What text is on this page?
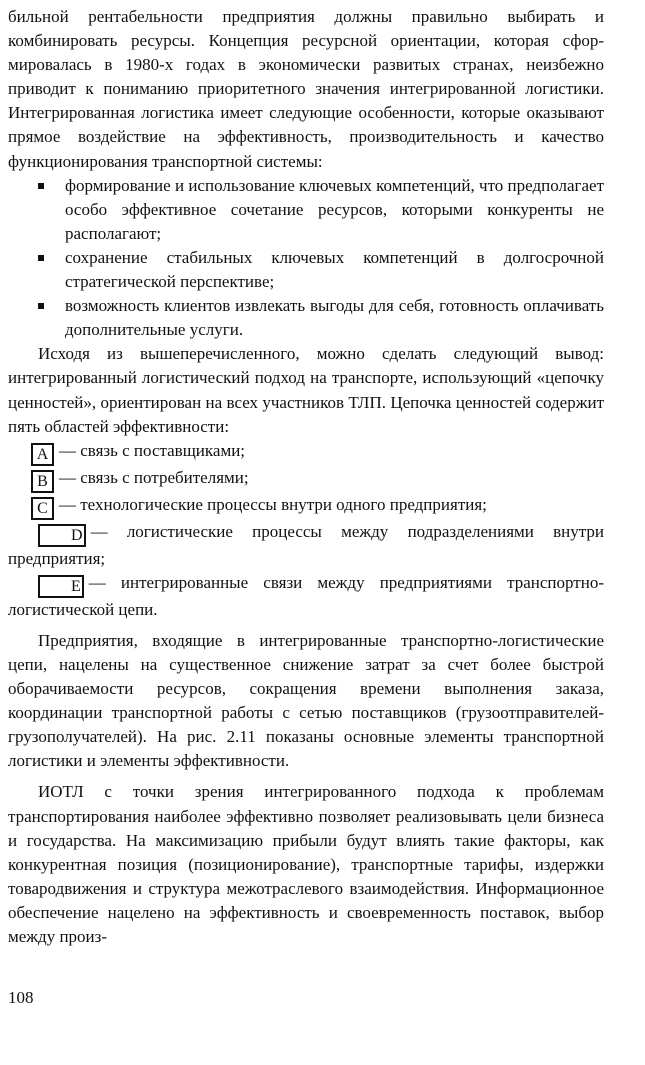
бильной рентабельности предприятия должны правильно выбирать и комбинировать ресурсы. Концепция ресурсной ориентации, которая сфор-мировалась в 1980-х годах в экономически развитых странах, неизбежно приводит к пониманию приоритетного значения интегрированной логистики. Интегрированная логистика имеет следующие особенности, которые оказывают прямое воздействие на эффективность, производительность и качество функционирования транспортной системы:

формирование и использование ключевых компетенций, что предполагает особо эффективное сочетание ресурсов, которыми конкуренты не располагают;
сохранение стабильных ключевых компетенций в долгосрочной стратегической перспективе;
возможность клиентов извлекать выгоды для себя, готовность оплачивать дополнительные услуги.

Исходя из вышеперечисленного, можно сделать следующий вывод: интегрированный логистический подход на транспорте, использующий «цепочку ценностей», ориентирован на всех участников ТЛП. Цепочка ценностей содержит пять областей эффективности:

A — связь с поставщиками;

B — связь с потребителями;

C — технологические процессы внутри одного предприятия;

D — логистические процессы между подразделениями внутри предприятия;

E — интегрированные связи между предприятиями транспортно-логистической цепи.

Предприятия, входящие в интегрированные транспортно-логистические цепи, нацелены на существенное снижение затрат за счет более быстрой оборачиваемости ресурсов, сокращения времени выполнения заказа, координации транспортной работы с сетью поставщиков (грузоотправителей-грузополучателей). На рис. 2.11 показаны основные элементы транспортной логистики и элементы эффективности.

ИОТЛ с точки зрения интегрированного подхода к проблемам транспортирования наиболее эффективно позволяет реализовывать цели бизнеса и государства. На максимизацию прибыли будут влиять такие факторы, как конкурентная позиция (позиционирование), транспортные тарифы, издержки товародвижения и структура межотраслевого взаимодействия. Информационное обеспечение нацелено на эффективность и своевременность поставок, выбор между произ-

108
